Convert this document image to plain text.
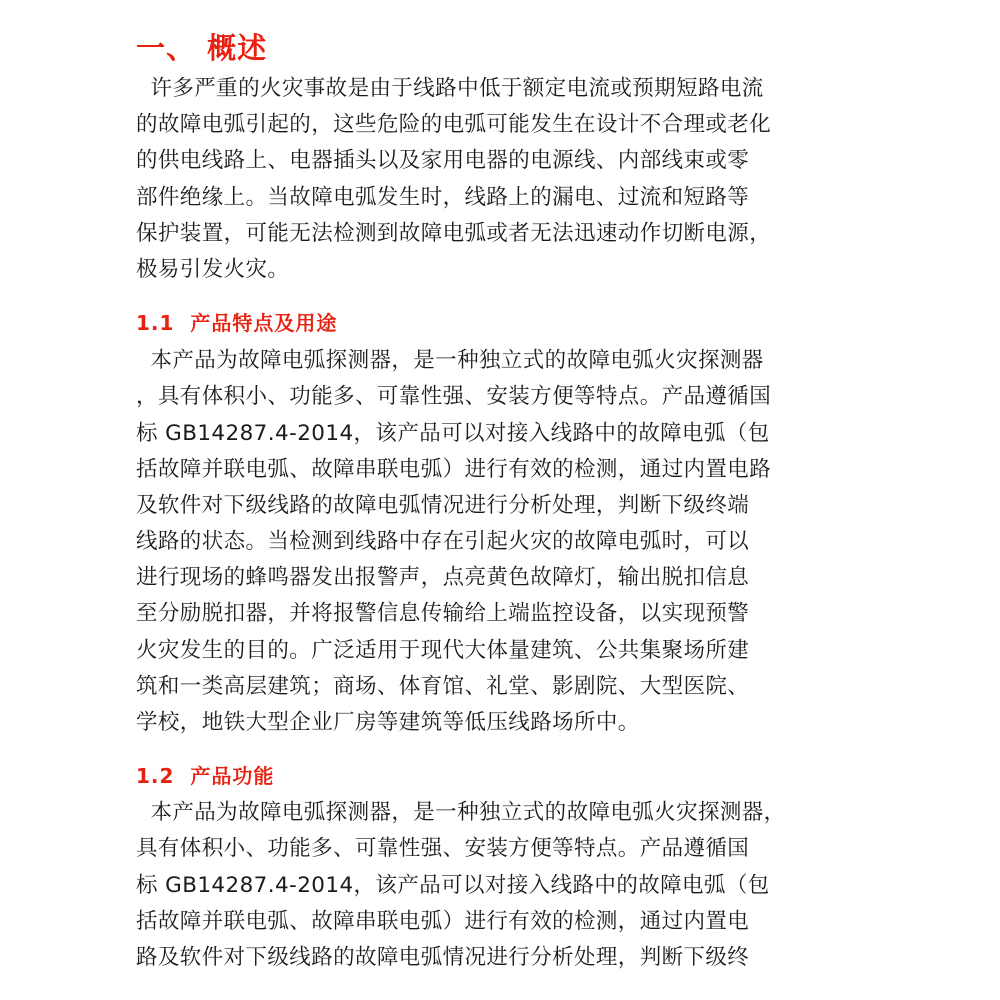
一、 概述
许多严重的火灾事故是由于线路中低于额定电流或预期短路电流
的故障电弧引起的，这些危险的电弧可能发生在设计不合理或老化
的供电线路上、电器插头以及家用电器的电源线、内部线束或零
部件绝缘上。当故障电弧发生时，线路上的漏电、过流和短路等
保护装置，可能无法检测到故障电弧或者无法迅速动作切断电源，
极易引发火灾。
1.1  产品特点及用途
本产品为故障电弧探测器，是一种独立式的故障电弧火灾探测器
，具有体积小、功能多、可靠性强、安装方便等特点。产品遵循国
标 GB14287.4-2014，该产品可以对接入线路中的故障电弧（包
括故障并联电弧、故障串联电弧）进行有效的检测，通过内置电路
及软件对下级线路的故障电弧情况进行分析处理，判断下级终端
线路的状态。当检测到线路中存在引起火灾的故障电弧时，可以
进行现场的蜂鸣器发出报警声，点亮黄色故障灯，输出脱扣信息
至分励脱扣器，并将报警信息传输给上端监控设备，以实现预警
火灾发生的目的。广泛适用于现代大体量建筑、公共集聚场所建
筑和一类高层建筑；商场、体育馆、礼堂、影剧院、大型医院、
学校，地铁大型企业厂房等建筑等低压线路场所中。
1.2  产品功能
本产品为故障电弧探测器，是一种独立式的故障电弧火灾探测器，
具有体积小、功能多、可靠性强、安装方便等特点。产品遵循国
标 GB14287.4-2014，该产品可以对接入线路中的故障电弧（包
括故障并联电弧、故障串联电弧）进行有效的检测，通过内置电
路及软件对下级线路的故障电弧情况进行分析处理，判断下级终
